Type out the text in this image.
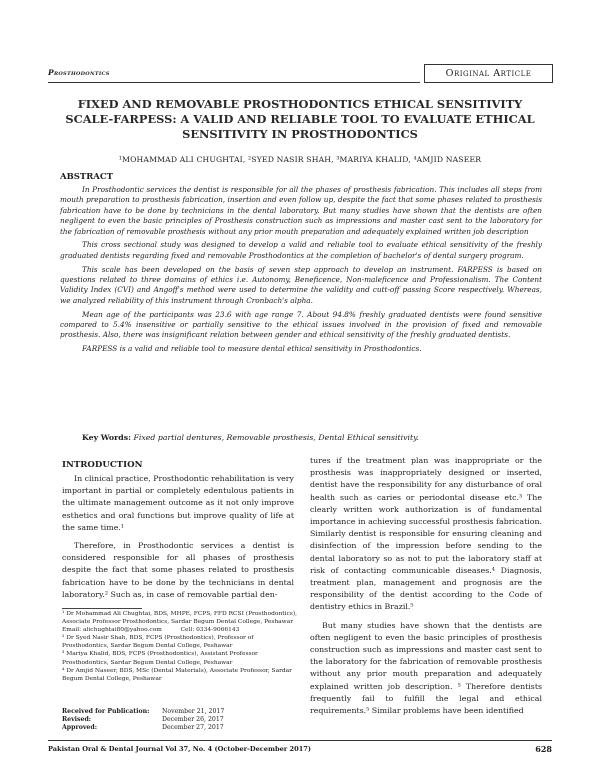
Prosthodontics	Original Article
FIXED AND REMOVABLE PROSTHODONTICS ETHICAL SENSITIVITY SCALE-FARPESS: A VALID AND RELIABLE TOOL TO EVALUATE ETHICAL SENSITIVITY IN PROSTHODONTICS
¹MOHAMMAD ALI CHUGHTAI, ²SYED NASIR SHAH, ³MARIYA KHALID, ⁴AMJID NASEER
ABSTRACT

In Prosthodontic services the dentist is responsible for all the phases of prosthesis fabrication. This includes all steps from mouth preparation to prosthesis fabrication, insertion and even follow up, despite the fact that some phases related to prosthesis fabrication have to be done by technicians in the dental laboratory. But many studies have shown that the dentists are often negligent to even the basic principles of Prosthesis construction such as impressions and master cast sent to the laboratory for the fabrication of removable prosthesis without any prior mouth preparation and adequately explained written job description

This cross sectional study was designed to develop a valid and reliable tool to evaluate ethical sensitivity of the freshly graduated dentists regarding fixed and removable Prosthodontics at the completion of bachelor's of dental surgery program.

This scale has been developed on the basis of seven step approach to develop an instrument. FARPESS is based on questions related to three domains of ethics i.e. Autonomy, Beneficence, Non-maleficence and Professionalism. The Content Validity Index (CVI) and Angoff's method were used to determine the validity and cutt-off passing Score respectively. Whereas, we analyzed reliability of this instrument through Cronbach's alpha.

Mean age of the participants was 23.6 with age range 7. About 94.8% freshly graduated dentists were found sensitive compared to 5.4% insensitive or partially sensitive to the ethical issues involved in the provision of fixed and removable prosthesis. Also, there was insignificant relation between gender and ethical sensitivity of the freshly graduated dentists.

FARPESS is a valid and reliable tool to measure dental ethical sensitivity in Prosthodontics.

Key Words: Fixed partial dentures, Removable prosthesis, Dental Ethical sensitivity.
INTRODUCTION

In clinical practice, Prosthodontic rehabilitation is very important in partial or completely edentulous patients in the ultimate management outcome as it not only improve esthetics and oral functions but improve quality of life at the same time.¹

Therefore, in Prosthodontic services a dentist is considered responsible for all phases of prosthesis despite the fact that some phases related to prosthesis fabrication have to be done by the technicians in dental laboratory.² Such as, in case of removable partial den-

¹ Dr Mohammad Ali Chughtai, BDS, MHPE, FCPS, FFD RCSI (Prosthodontics), Associate Professor Prosthodontics, Sardar Begum Dental College, Peshawar

Email: alichughtai80@yahoo.com          Cell: 0334-9066143

² Dr Syed Nasir Shah, BDS, FCPS (Prosthodontics), Professor of Prosthodontics, Sardar Begum Dental College, Peshawar

³ Mariya Khalid, BDS, FCPS (Prosthodontics), Assistant Professor Prosthodontics, Sardar Begum Dental College, Peshawar

⁴ Dr Amjid Naseer, BDS, MSc (Dental Materials), Associate Professor, Sardar Begum Dental College, Peshawar

Received for Publication:	November 21, 2017
Revised:	December 26, 2017
Approved:	December 27, 2017

tures if the treatment plan was inappropriate or the prosthesis was inappropriately designed or inserted, dentist have the responsibility for any disturbance of oral health such as caries or periodontal disease etc.³ The clearly written work authorization is of fundamental importance in achieving successful prosthesis fabrication. Similarly dentist is responsible for ensuring cleaning and disinfection of the impression before sending to the dental laboratory so as not to put the laboratory staff at risk of contacting communicable diseases.⁴ Diagnosis, treatment plan, management and prognosis are the responsibility of the dentist according to the Code of dentistry ethics in Brazil.⁵

But many studies have shown that the dentists are often negligent to even the basic principles of prosthesis construction such as impressions and master cast sent to the laboratory for the fabrication of removable prosthesis without any prior mouth preparation and adequately explained written job description. ⁵ Therefore dentists frequently fail to fulfill the legal and ethical requirements.⁵ Similar problems have been identified

Pakistan Oral & Dental Journal Vol 37, No. 4 (October-December 2017)	628
